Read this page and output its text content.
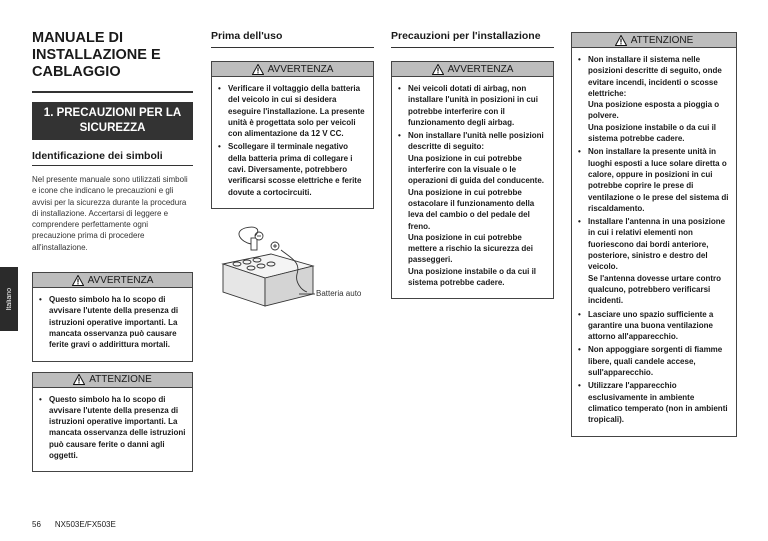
Italiano
MANUALE DI INSTALLAZIONE E CABLAGGIO
1. PRECAUZIONI PER LA SICUREZZA
Identificazione dei simboli

Nel presente manuale sono utilizzati simboli e icone che indicano le precauzioni e gli avvisi per la sicurezza durante la procedura di installazione. Accertarsi di leggere e comprendere perfettamente ogni precauzione prima di procedere all'installazione.

AVVERTENZA
• Questo simbolo ha lo scopo di avvisare l'utente della presenza di istruzioni operative importanti. La mancata osservanza può causare ferite gravi o addirittura mortali.
ATTENZIONE
• Questo simbolo ha lo scopo di avvisare l'utente della presenza di istruzioni operative importanti. La mancata osservanza delle istruzioni può causare ferite o danni agli oggetti.
Prima dell'uso
AVVERTENZA
• Verificare il voltaggio della batteria del veicolo in cui si desidera eseguire l'installazione. La presente unità è progettata solo per veicoli con alimentazione da 12 V CC.
• Scollegare il terminale negativo della batteria prima di collegare i cavi. Diversamente, potrebbero verificarsi scosse elettriche e ferite dovute a cortocircuiti.
Batteria auto
Precauzioni per l'installazione
AVVERTENZA
• Nei veicoli dotati di airbag, non installare l'unità in posizioni in cui potrebbe interferire con il funzionamento degli airbag.
• Non installare l'unità nelle posizioni descritte di seguito:
Una posizione in cui potrebbe interferire con la visuale o le operazioni di guida del conducente.
Una posizione in cui potrebbe ostacolare il funzionamento della leva del cambio o del pedale del freno.
Una posizione in cui potrebbe mettere a rischio la sicurezza dei passeggeri.
Una posizione instabile o da cui il sistema potrebbe cadere.
ATTENZIONE
• Non installare il sistema nelle posizioni descritte di seguito, onde evitare incendi, incidenti o scosse elettriche:
Una posizione esposta a pioggia o polvere.
Una posizione instabile o da cui il sistema potrebbe cadere.
• Non installare la presente unità in luoghi esposti a luce solare diretta o calore, oppure in posizioni in cui potrebbe coprire le prese di ventilazione o le prese del sistema di riscaldamento.
• Installare l'antenna in una posizione in cui i relativi elementi non fuoriescono dai bordi anteriore, posteriore, sinistro e destro del veicolo.
Se l'antenna dovesse urtare contro qualcuno, potrebbero verificarsi incidenti.
• Lasciare uno spazio sufficiente a garantire una buona ventilazione attorno all'apparecchio.
• Non appoggiare sorgenti di fiamme libere, quali candele accese, sull'apparecchio.
• Utilizzare l'apparecchio esclusivamente in ambiente climatico temperato (non in ambienti tropicali).
56 NX503E/FX503E
